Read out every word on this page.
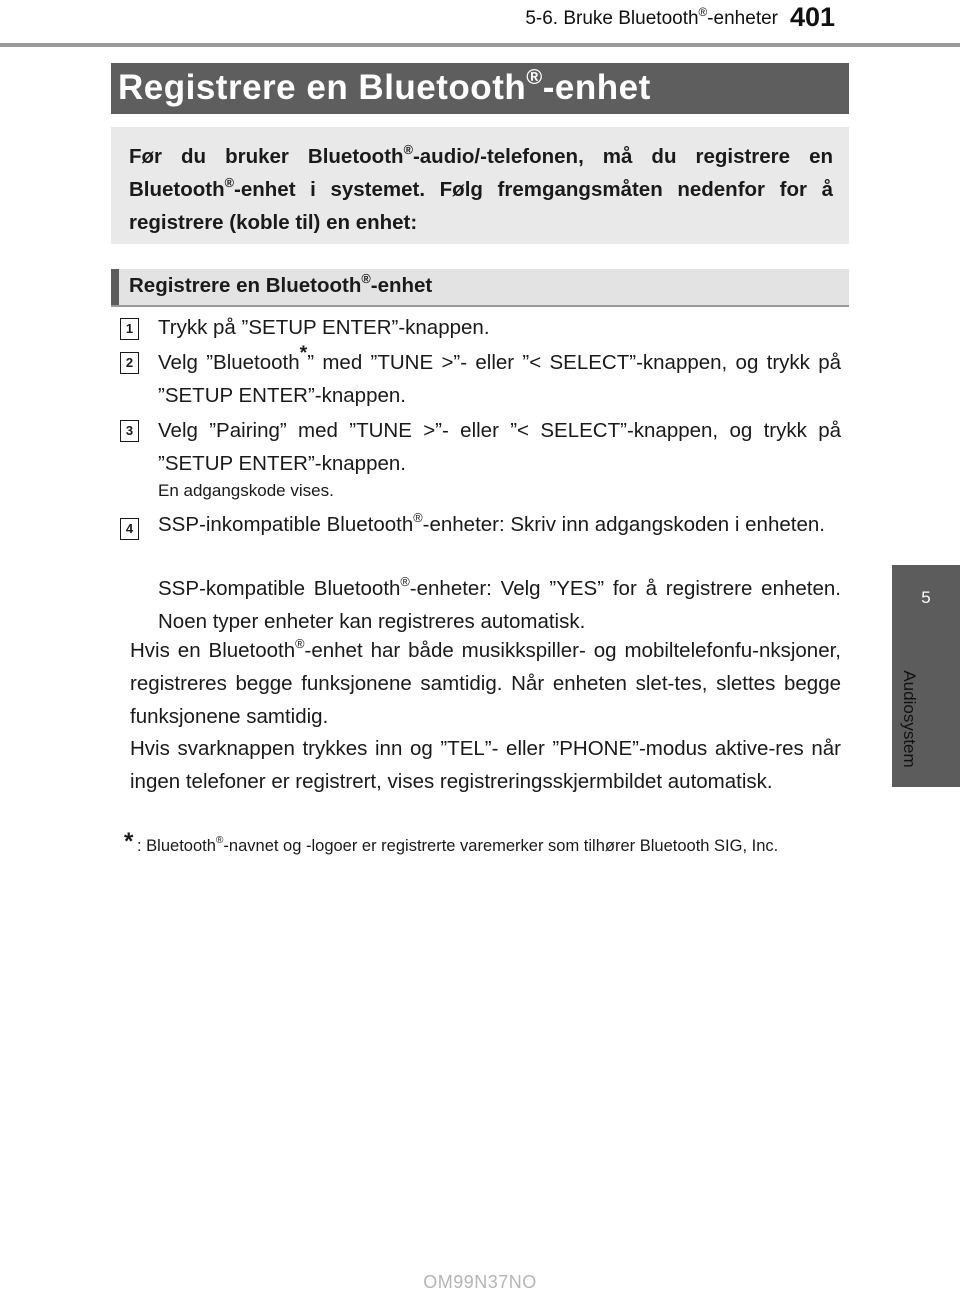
5-6. Bruke Bluetooth®-enheter 401
5
Audiosystem
Registrere en Bluetooth®-enhet
Før du bruker Bluetooth®-audio/-telefonen, må du registrere en Bluetooth®-enhet i systemet. Følg fremgangsmåten nedenfor for å registrere (koble til) en enhet:
Registrere en Bluetooth®-enhet
1 Trykk på ”SETUP ENTER”-knappen.
2 Velg ”Bluetooth*” med ”TUNE >”- eller ”< SELECT”-knappen, og trykk på ”SETUP ENTER”-knappen.
3 Velg ”Pairing” med ”TUNE >”- eller ”< SELECT”-knappen, og trykk på ”SETUP ENTER”-knappen.
En adgangskode vises.
4 SSP-inkompatible Bluetooth®-enheter: Skriv inn adgangskoden i enheten.
SSP-kompatible Bluetooth®-enheter: Velg ”YES” for å registrere enheten. Noen typer enheter kan registreres automatisk.
Hvis en Bluetooth®-enhet har både musikkspiller- og mobiltelefonfu-nksjoner, registreres begge funksjonene samtidig. Når enheten slet-tes, slettes begge funksjonene samtidig.
Hvis svarknappen trykkes inn og ”TEL”- eller ”PHONE”-modus aktive-res når ingen telefoner er registrert, vises registreringsskjermbildet automatisk.
* : Bluetooth®-navnet og -logoer er registrerte varemerker som tilhører Bluetooth SIG, Inc.
OM99N37NO
